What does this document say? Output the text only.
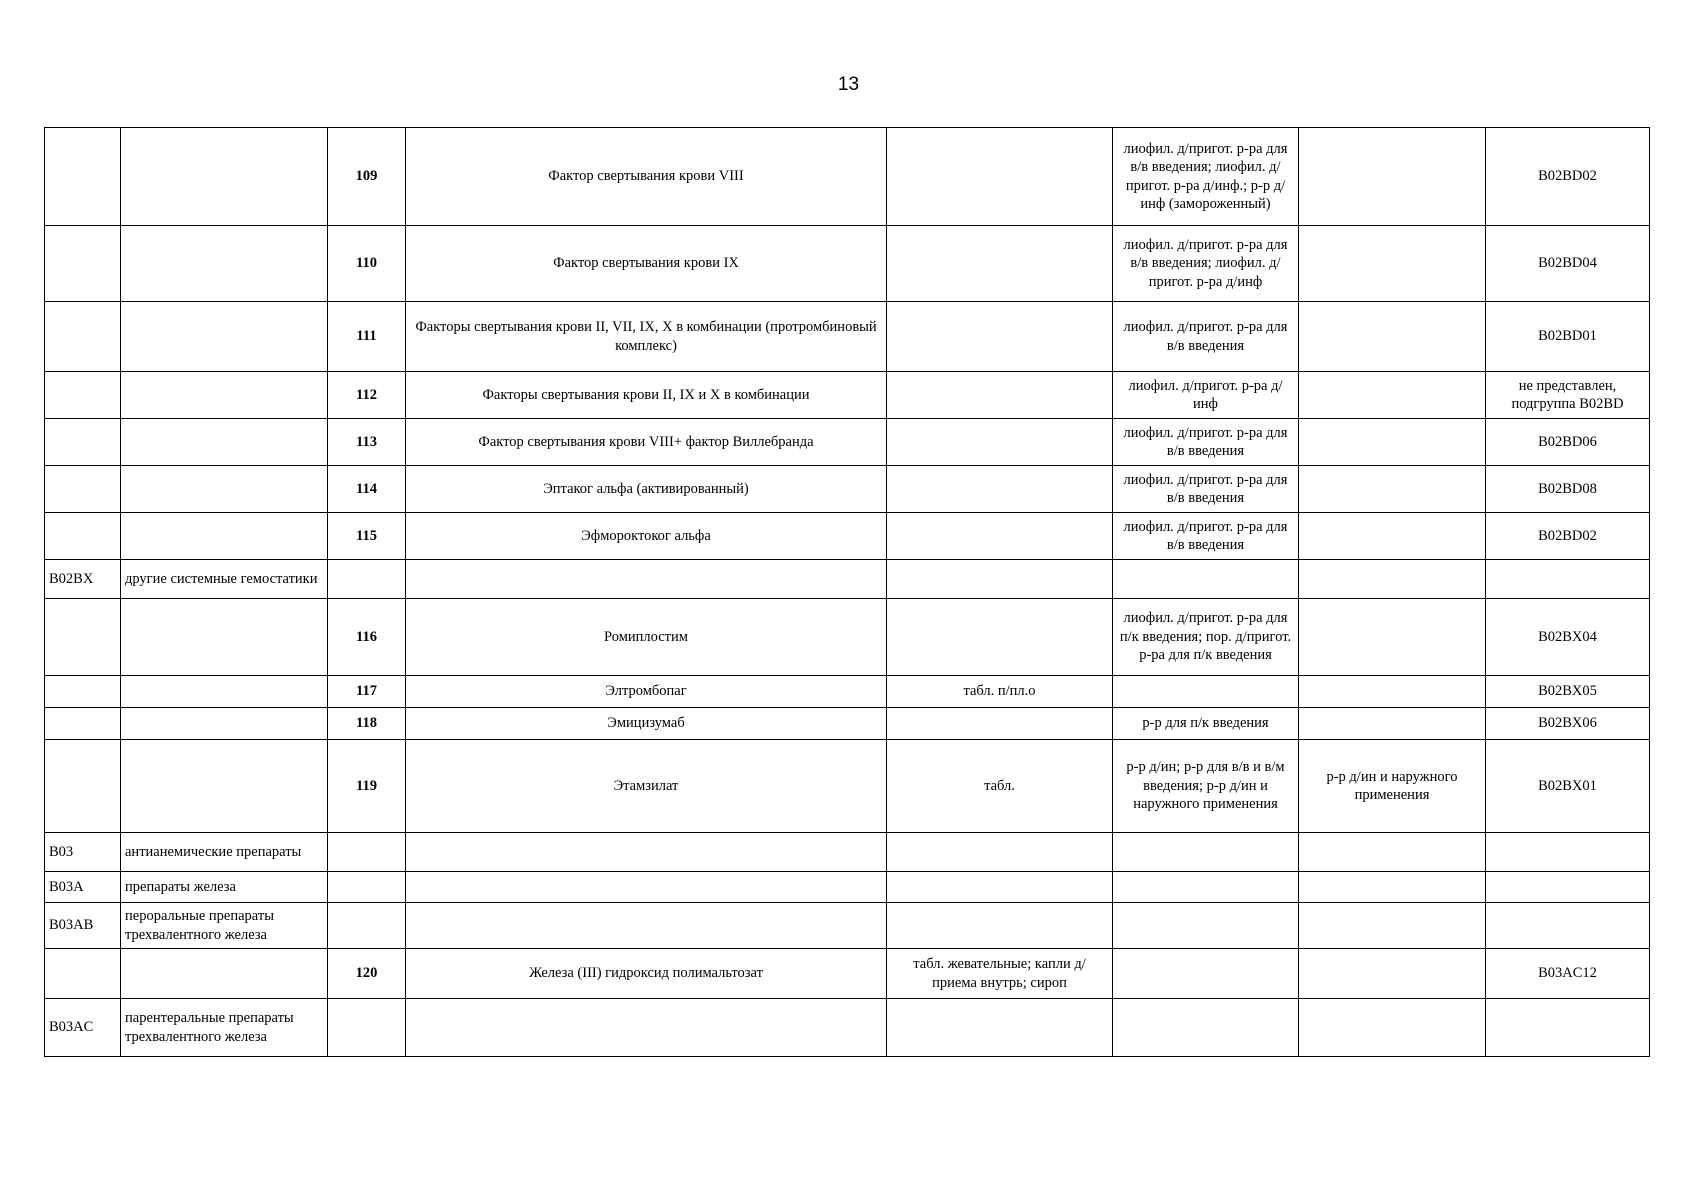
13
		109	Фактор свертывания крови VIII		лиофил. д/пригот. р-ра для в/в введения; лиофил. д/пригот. р-ра д/инф.; р-р д/инф (замороженный)		B02BD02
		110	Фактор свертывания крови IX		лиофил. д/пригот. р-ра для в/в введения; лиофил. д/пригот. р-ра д/инф		B02BD04
		111	Факторы свертывания крови II, VII, IX, X в комбинации (протромбиновый комплекс)		лиофил. д/пригот. р-ра для в/в введения		B02BD01
		112	Факторы свертывания крови II, IX и X в комбинации		лиофил. д/пригот. р-ра д/инф		не представлен, подгруппа B02BD
		113	Фактор свертывания крови VIII+ фактор Виллебранда		лиофил. д/пригот. р-ра для в/в введения		B02BD06
		114	Эптаког альфа (активированный)		лиофил. д/пригот. р-ра для в/в введения		B02BD08
		115	Эфмороктоког альфа		лиофил. д/пригот. р-ра для в/в введения		B02BD02
B02BX	другие системные гемостатики						
		116	Ромиплостим		лиофил. д/пригот. р-ра для п/к введения; пор. д/пригот. р-ра для п/к введения		B02BX04
		117	Элтромбопаг	табл. п/пл.о			B02BX05
		118	Эмицизумаб		р-р для п/к введения		B02BX06
		119	Этамзилат	табл.	р-р д/ин; р-р для в/в и в/м введения; р-р д/ин и наружного применения	р-р д/ин и наружного применения	B02BX01
B03	антианемические препараты						
B03A	препараты железа						
B03AB	пероральные препараты трехвалентного железа						
		120	Железа (III) гидроксид полимальтозат	табл. жевательные; капли д/приема внутрь; сироп			B03AC12
B03AC	парентеральные препараты трехвалентного железа						
